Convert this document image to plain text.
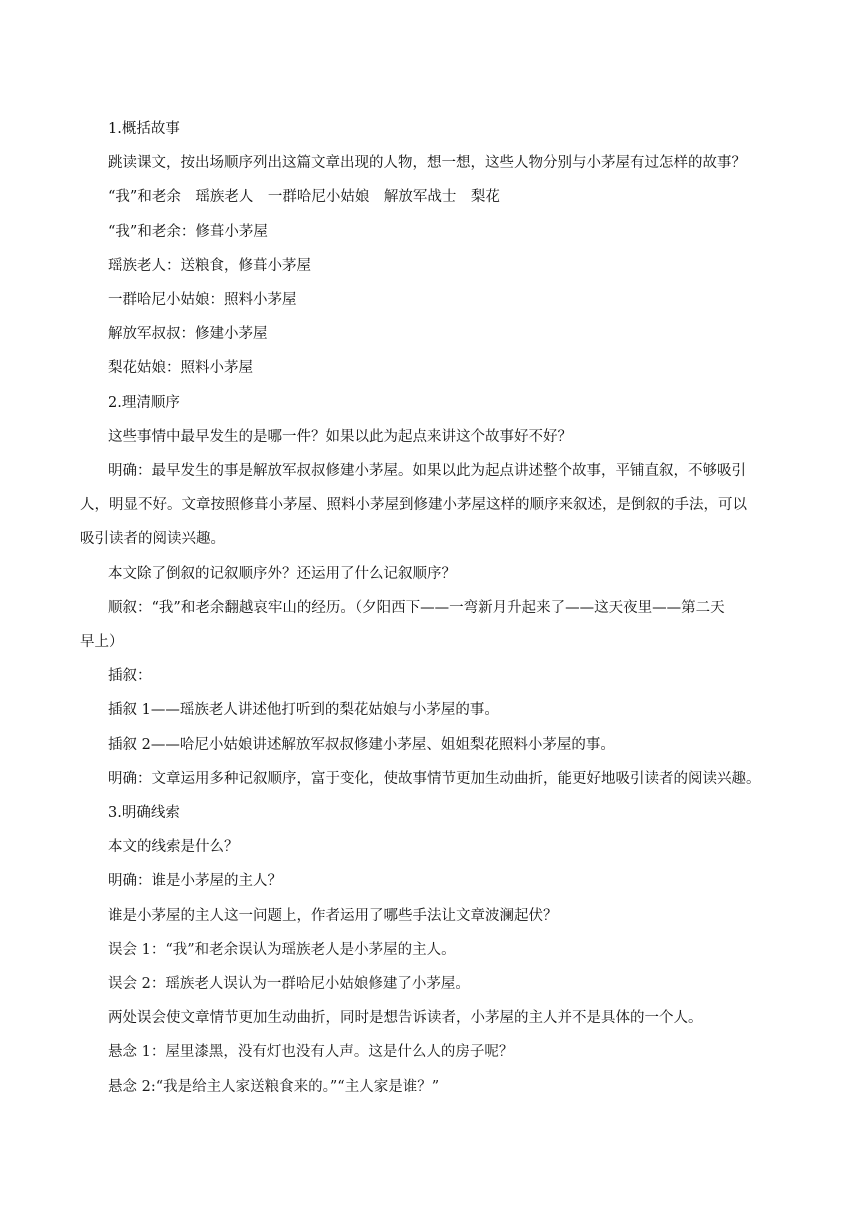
1.概括故事

跳读课文，按出场顺序列出这篇文章出现的人物，想一想，这些人物分别与小茅屋有过怎样的故事？

“我”和老余　瑶族老人　一群哈尼小姑娘　解放军战士　梨花

“我”和老余：修葺小茅屋

瑶族老人：送粮食，修葺小茅屋

一群哈尼小姑娘：照料小茅屋

解放军叔叔：修建小茅屋

梨花姑娘：照料小茅屋

2.理清顺序

这些事情中最早发生的是哪一件？如果以此为起点来讲这个故事好不好？

明确：最早发生的事是解放军叔叔修建小茅屋。如果以此为起点讲述整个故事，平铺直叙，不够吸引
人，明显不好。文章按照修葺小茅屋、照料小茅屋到修建小茅屋这样的顺序来叙述，是倒叙的手法，可以
吸引读者的阅读兴趣。

本文除了倒叙的记叙顺序外？还运用了什么记叙顺序？

顺叙：“我”和老余翻越哀牢山的经历。（夕阳西下——一弯新月升起来了——这天夜里——第二天
早上）

插叙：

插叙 1——瑶族老人讲述他打听到的梨花姑娘与小茅屋的事。

插叙 2——哈尼小姑娘讲述解放军叔叔修建小茅屋、姐姐梨花照料小茅屋的事。

明确：文章运用多种记叙顺序，富于变化，使故事情节更加生动曲折，能更好地吸引读者的阅读兴趣。

3.明确线索

本文的线索是什么？

明确：谁是小茅屋的主人？

谁是小茅屋的主人这一问题上，作者运用了哪些手法让文章波澜起伏？

误会 1：“我”和老余误认为瑶族老人是小茅屋的主人。

误会 2：瑶族老人误认为一群哈尼小姑娘修建了小茅屋。

两处误会使文章情节更加生动曲折，同时是想告诉读者，小茅屋的主人并不是具体的一个人。

悬念 1：屋里漆黑，没有灯也没有人声。这是什么人的房子呢？

悬念 2:“我是给主人家送粮食来的。”“主人家是谁？”
